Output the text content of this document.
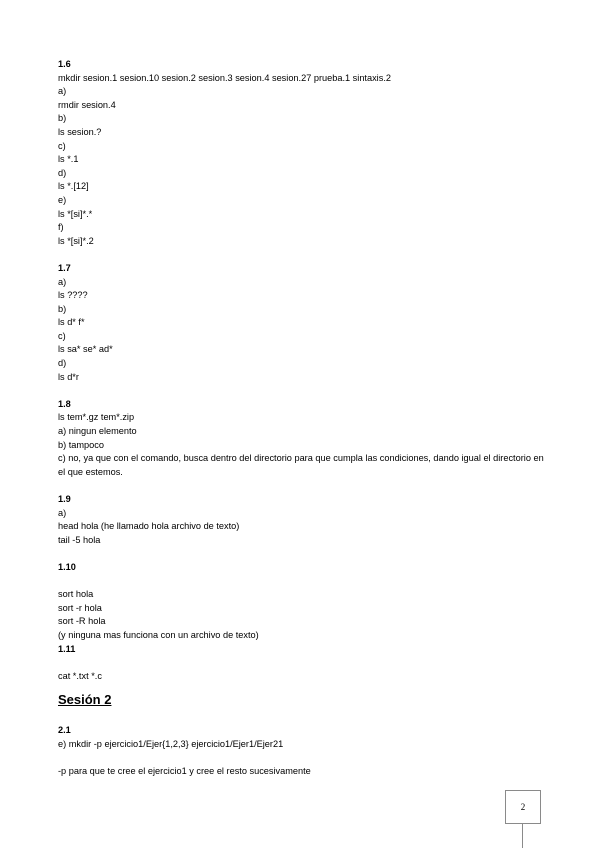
1.6
mkdir sesion.1 sesion.10 sesion.2 sesion.3 sesion.4 sesion.27 prueba.1 sintaxis.2
a)
rmdir sesion.4
b)
ls sesion.?
c)
ls *.1
d)
ls *.[12]
e)
ls *[si]*.*
f)
ls *[si]*.2
1.7
a)
ls ????
b)
ls d* f*
c)
ls sa* se* ad*
d)
ls d*r
1.8
ls tem*.gz tem*.zip
a) ningun elemento
b) tampoco
c) no, ya que con el comando, busca dentro del directorio para que cumpla las condiciones, dando igual el directorio en el que estemos.
1.9
a)
head hola (he llamado hola archivo de texto)
tail -5 hola
1.10
sort hola
sort -r hola
sort -R hola
(y ninguna mas funciona con un archivo de texto)
1.11
cat *.txt *.c
Sesión 2
2.1
e) mkdir -p ejercicio1/Ejer{1,2,3} ejercicio1/Ejer1/Ejer21
-p para que te cree el ejercicio1 y cree el resto sucesivamente
2
